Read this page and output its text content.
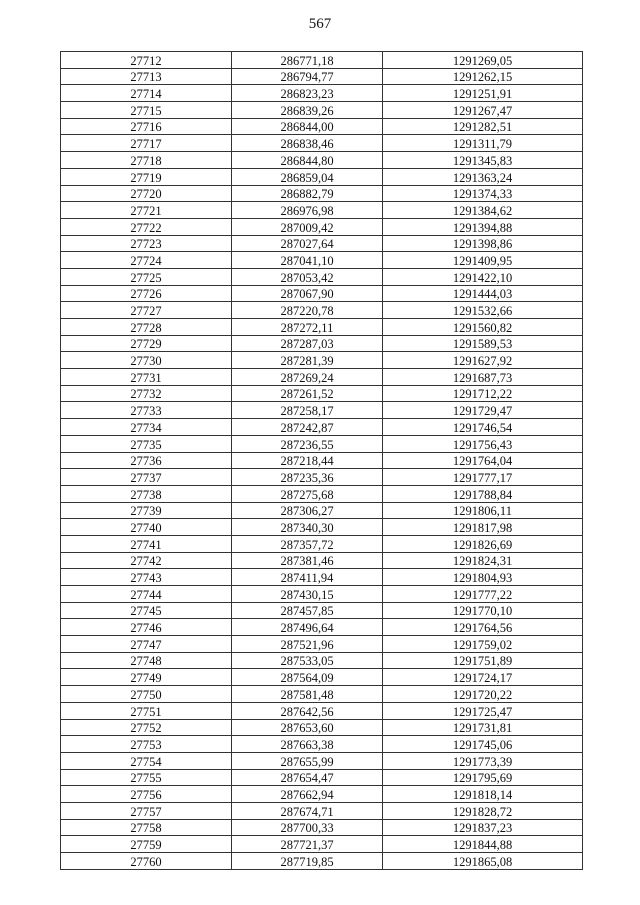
567
27712	286771,18	1291269,05
27713	286794,77	1291262,15
27714	286823,23	1291251,91
27715	286839,26	1291267,47
27716	286844,00	1291282,51
27717	286838,46	1291311,79
27718	286844,80	1291345,83
27719	286859,04	1291363,24
27720	286882,79	1291374,33
27721	286976,98	1291384,62
27722	287009,42	1291394,88
27723	287027,64	1291398,86
27724	287041,10	1291409,95
27725	287053,42	1291422,10
27726	287067,90	1291444,03
27727	287220,78	1291532,66
27728	287272,11	1291560,82
27729	287287,03	1291589,53
27730	287281,39	1291627,92
27731	287269,24	1291687,73
27732	287261,52	1291712,22
27733	287258,17	1291729,47
27734	287242,87	1291746,54
27735	287236,55	1291756,43
27736	287218,44	1291764,04
27737	287235,36	1291777,17
27738	287275,68	1291788,84
27739	287306,27	1291806,11
27740	287340,30	1291817,98
27741	287357,72	1291826,69
27742	287381,46	1291824,31
27743	287411,94	1291804,93
27744	287430,15	1291777,22
27745	287457,85	1291770,10
27746	287496,64	1291764,56
27747	287521,96	1291759,02
27748	287533,05	1291751,89
27749	287564,09	1291724,17
27750	287581,48	1291720,22
27751	287642,56	1291725,47
27752	287653,60	1291731,81
27753	287663,38	1291745,06
27754	287655,99	1291773,39
27755	287654,47	1291795,69
27756	287662,94	1291818,14
27757	287674,71	1291828,72
27758	287700,33	1291837,23
27759	287721,37	1291844,88
27760	287719,85	1291865,08
